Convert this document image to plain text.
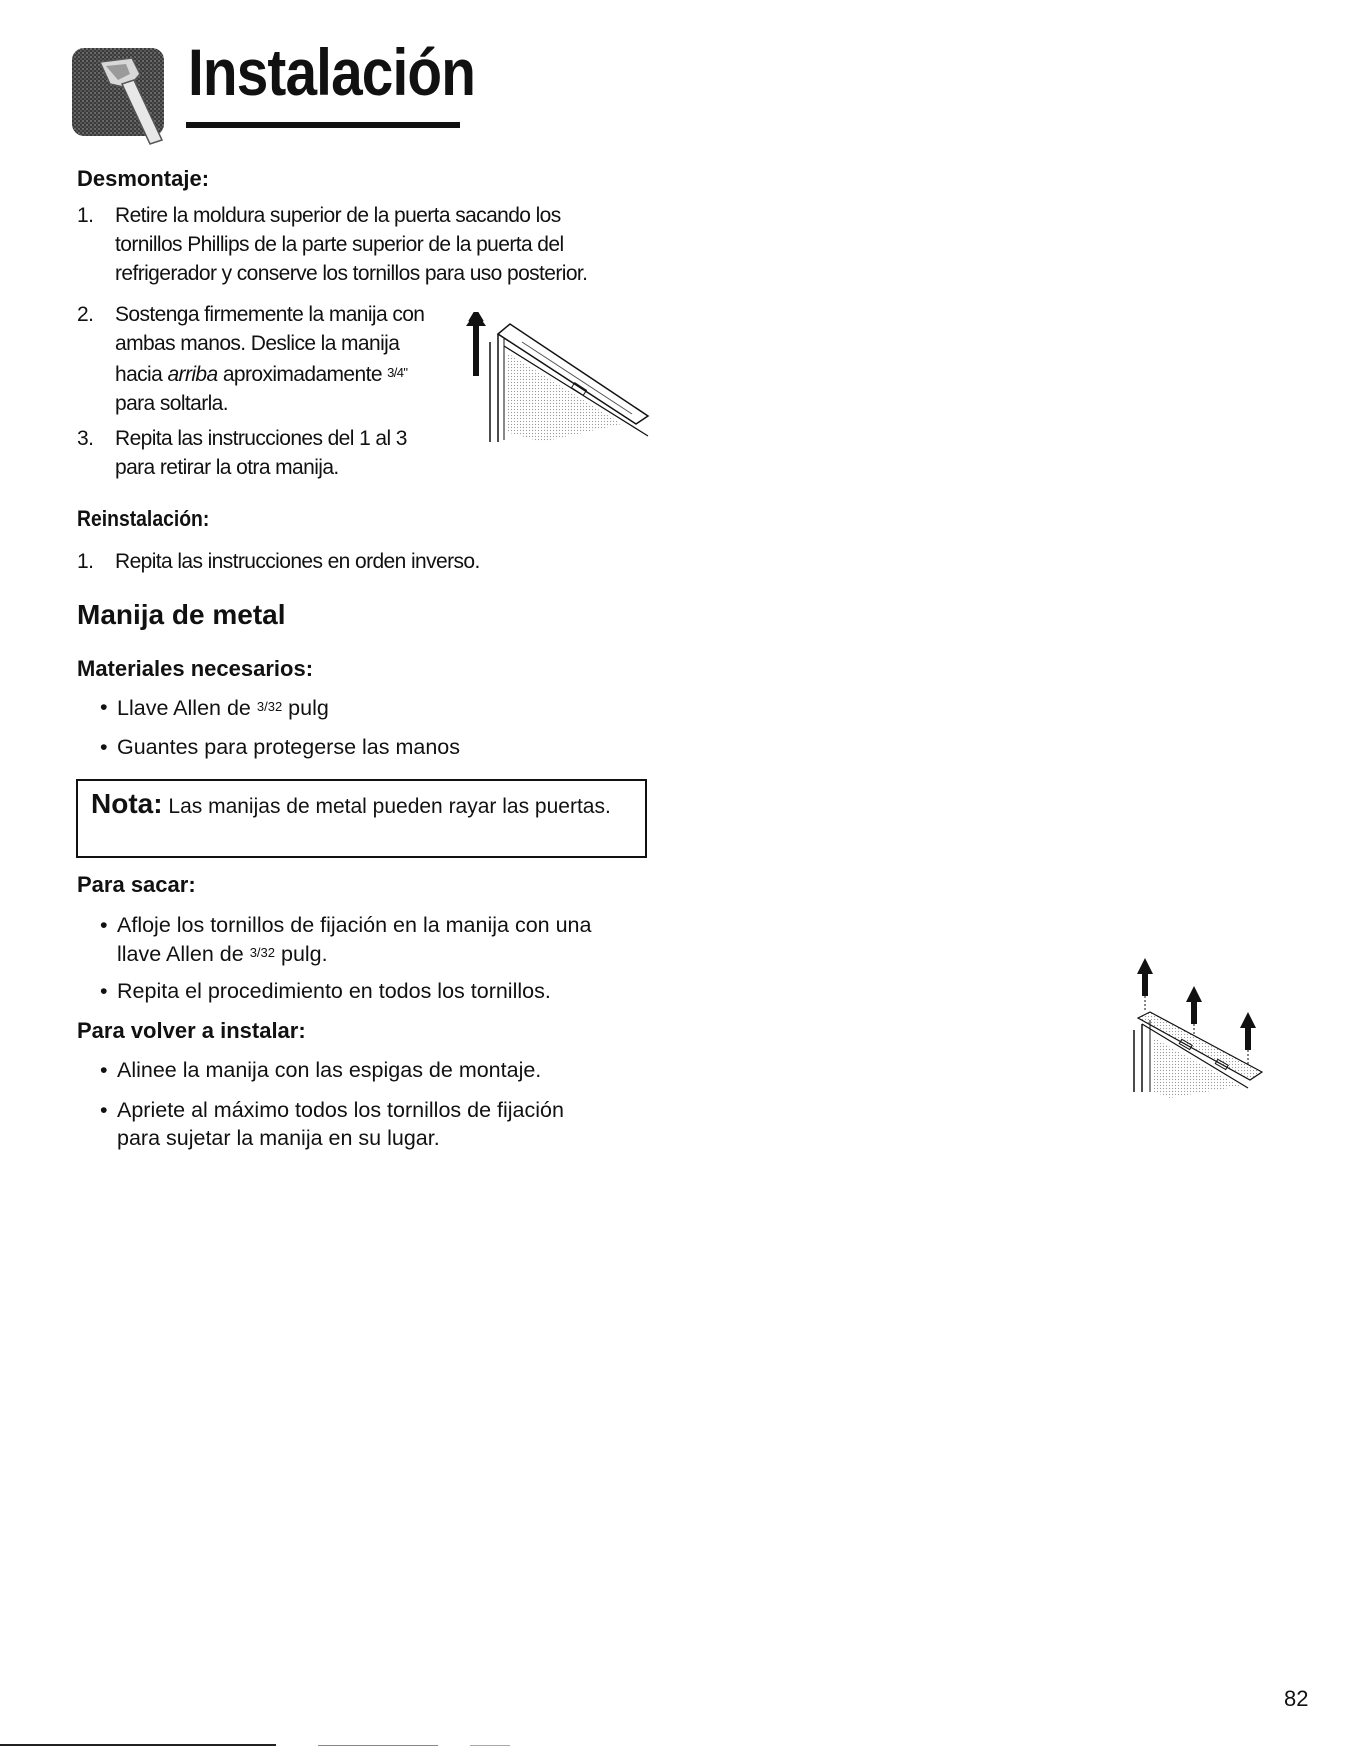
Instalación
Desmontaje:
1. Retire la moldura superior de la puerta sacando los
tornillos Phillips de la parte superior de la puerta del
refrigerador y conserve los tornillos para uso posterior.
2. Sostenga firmemente la manija con
ambas manos. Deslice la manija
hacia arriba aproximadamente 3/4"
para soltarla.
3. Repita las instrucciones del 1 al 3
para retirar la otra manija.
Reinstalación:
1. Repita las instrucciones en orden inverso.
Manija de metal
Materiales necesarios:
• Llave Allen de 3/32 pulg
• Guantes para protegerse las manos
Nota: Las manijas de metal pueden rayar las puertas.
Para sacar:
• Afloje los tornillos de fijación en la manija con una
llave Allen de 3/32 pulg.
• Repita el procedimiento en todos los tornillos.
Para volver a instalar:
• Alinee la manija con las espigas de montaje.
• Apriete al máximo todos los tornillos de fijación
para sujetar la manija en su lugar.
82
